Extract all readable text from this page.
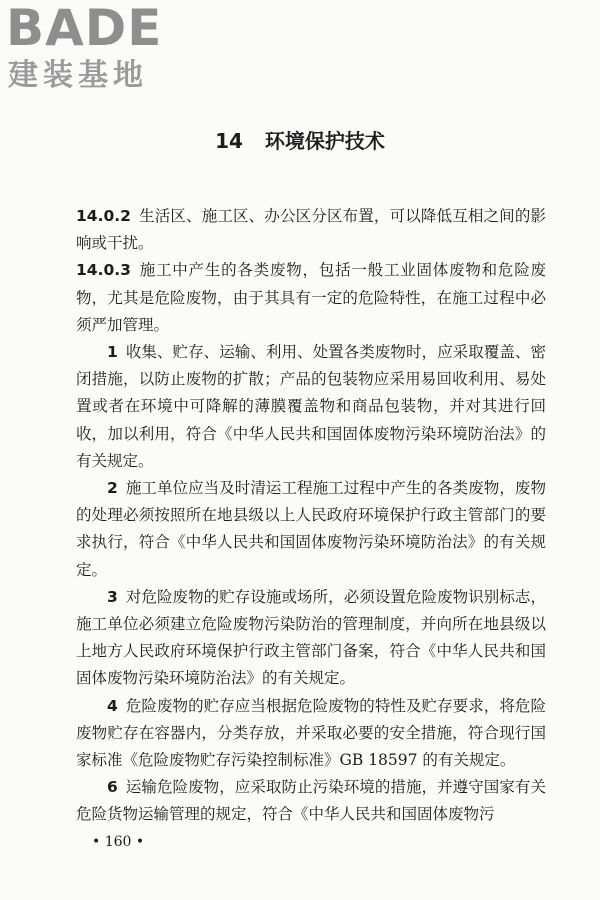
BADE
建装基地
14 环境保护技术

14.0.2 生活区、施工区、办公区分区布置，可以降低互相之间的影响或干扰。

14.0.3 施工中产生的各类废物，包括一般工业固体废物和危险废物，尤其是危险废物，由于其具有一定的危险特性，在施工过程中必须严加管理。

1 收集、贮存、运输、利用、处置各类废物时，应采取覆盖、密闭措施，以防止废物的扩散；产品的包装物应采用易回收利用、易处置或者在环境中可降解的薄膜覆盖物和商品包装物，并对其进行回收，加以利用，符合《中华人民共和国固体废物污染环境防治法》的有关规定。

2 施工单位应当及时清运工程施工过程中产生的各类废物，废物的处理必须按照所在地县级以上人民政府环境保护行政主管部门的要求执行，符合《中华人民共和国固体废物污染环境防治法》的有关规定。

3 对危险废物的贮存设施或场所，必须设置危险废物识别标志，施工单位必须建立危险废物污染防治的管理制度，并向所在地县级以上地方人民政府环境保护行政主管部门备案，符合《中华人民共和国固体废物污染环境防治法》的有关规定。

4 危险废物的贮存应当根据危险废物的特性及贮存要求，将危险废物贮存在容器内，分类存放，并采取必要的安全措施，符合现行国家标准《危险废物贮存污染控制标准》GB 18597 的有关规定。

6 运输危险废物，应采取防止污染环境的措施，并遵守国家有关危险货物运输管理的规定，符合《中华人民共和国固体废物污

• 160 •
